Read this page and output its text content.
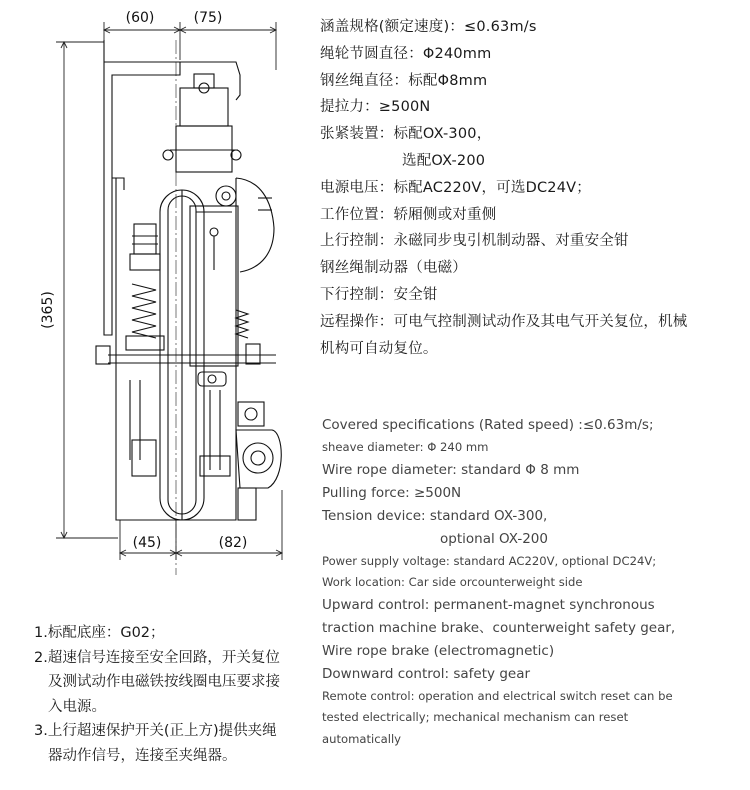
(60)	(75)
(365)
(45)	(82)
涵盖规格(额定速度)：≤0.63m/s
绳轮节圆直径：Φ240mm
钢丝绳直径：标配Φ8mm
提拉力：≥500N
张紧装置：标配OX-300，
选配OX-200
电源电压：标配AC220V，可选DC24V；
工作位置：轿厢侧或对重侧
上行控制：永磁同步曳引机制动器、对重安全钳
钢丝绳制动器（电磁）
下行控制：安全钳
远程操作：可电气控制测试动作及其电气开关复位，机械
机构可自动复位。
Covered specifications (Rated speed) :≤0.63m/s;
sheave diameter: Φ 240 mm
Wire rope diameter: standard Φ 8 mm
Pulling force: ≥500N
Tension device: standard OX-300,
optional OX-200
Power supply voltage: standard AC220V, optional DC24V;
Work location: Car side orcounterweight side
Upward control: permanent-magnet synchronous
traction machine brake、counterweight safety gear,
Wire rope brake (electromagnetic)
Downward control: safety gear
Remote control: operation and electrical switch reset can be
tested electrically; mechanical mechanism can reset
automatically
1.标配底座：G02；
2.超速信号连接至安全回路，开关复位
及测试动作电磁铁按线圈电压要求接
入电源。
3.上行超速保护开关(正上方)提供夹绳
器动作信号，连接至夹绳器。
